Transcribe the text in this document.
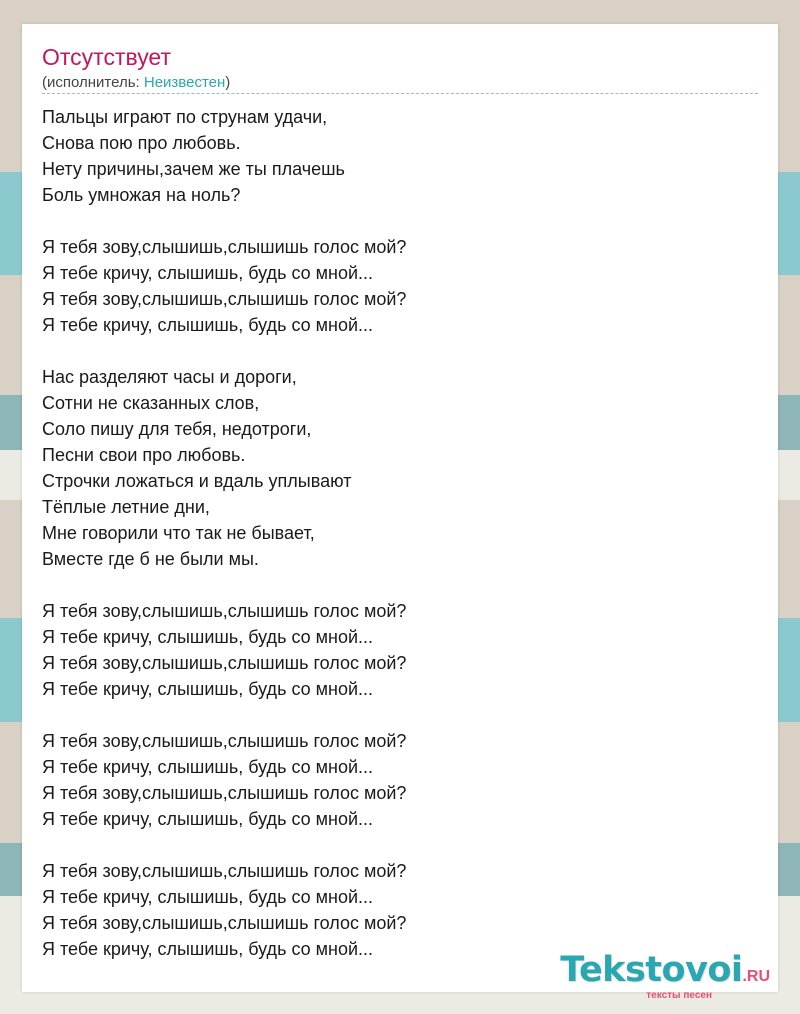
Отсутствует
(исполнитель: Неизвестен)
Пальцы играют по струнам удачи,
Снова пою про любовь.
Нету причины,зачем же ты плачешь
Боль умножая на ноль?
Я тебя зову,слышишь,слышишь голос мой?
Я тебе кричу, слышишь, будь со мной...
Я тебя зову,слышишь,слышишь голос мой?
Я тебе кричу, слышишь, будь со мной...
Нас разделяют часы и дороги,
Сотни не сказанных слов,
Соло пишу для тебя, недотроги,
Песни свои про любовь.
Строчки ложаться и вдаль уплывают
Тёплые летние дни,
Мне говорили что так не бывает,
Вместе где б не были мы.
Я тебя зову,слышишь,слышишь голос мой?
Я тебе кричу, слышишь, будь со мной...
Я тебя зову,слышишь,слышишь голос мой?
Я тебе кричу, слышишь, будь со мной...
Я тебя зову,слышишь,слышишь голос мой?
Я тебе кричу, слышишь, будь со мной...
Я тебя зову,слышишь,слышишь голос мой?
Я тебе кричу, слышишь, будь со мной...
Я тебя зову,слышишь,слышишь голос мой?
Я тебе кричу, слышишь, будь со мной...
Я тебя зову,слышишь,слышишь голос мой?
Я тебе кричу, слышишь, будь со мной...
Tekstovoi.RU
тексты песен
